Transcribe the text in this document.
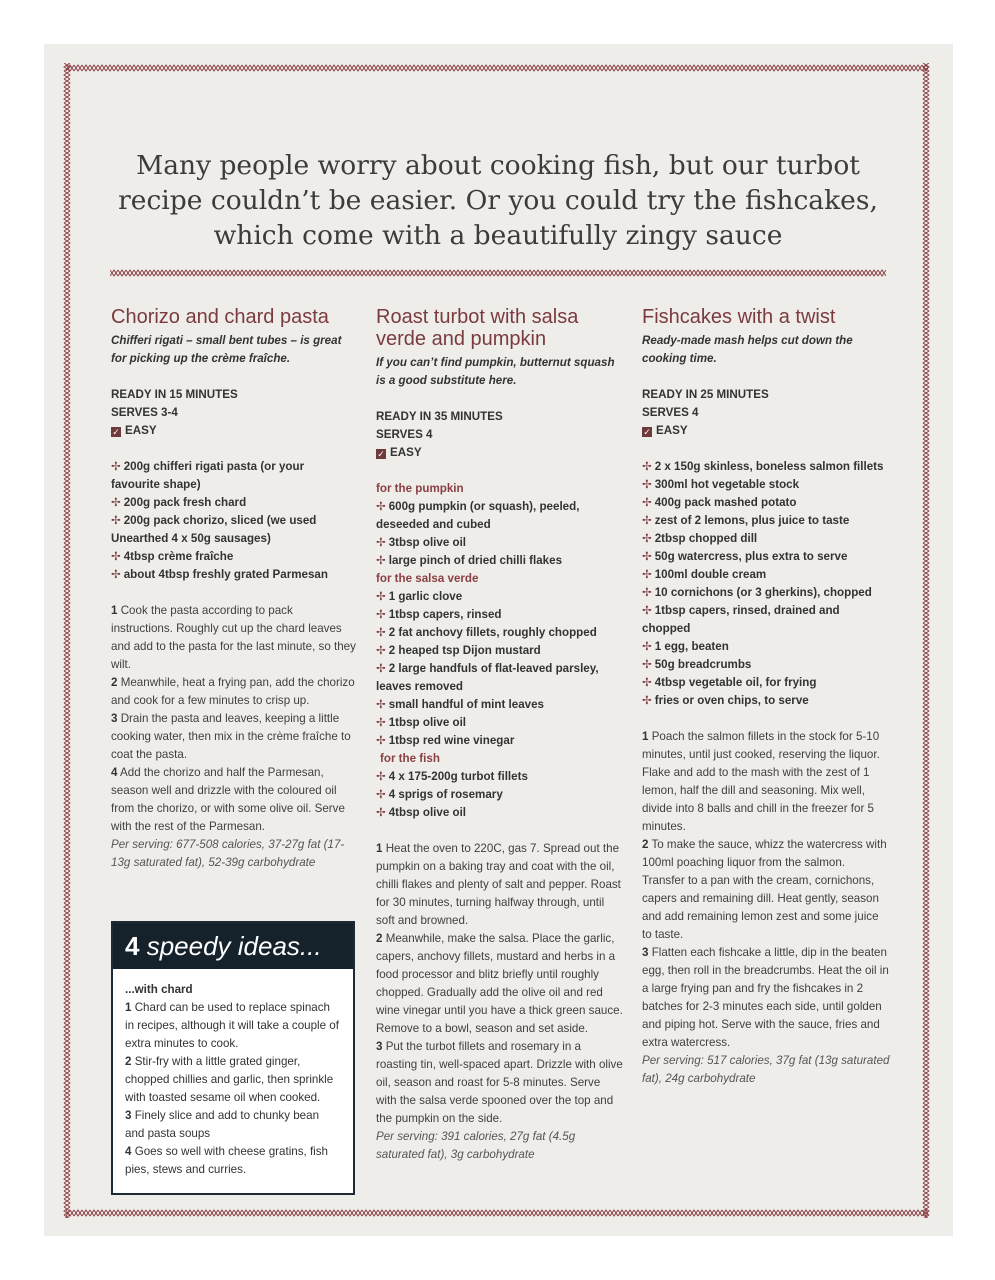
Many people worry about cooking fish, but our turbot recipe couldn’t be easier. Or you could try the fishcakes, which come with a beautifully zingy sauce
Chorizo and chard pasta

Chifferi rigati – small bent tubes – is great for picking up the crème fraîche.

READY IN 15 MINUTES

SERVES 3-4

✓ EASY

✢ 200g chifferi rigati pasta (or your favourite shape)

✢ 200g pack fresh chard

✢ 200g pack chorizo, sliced (we used Unearthed 4 x 50g sausages)

✢ 4tbsp crème fraîche

✢ about 4tbsp freshly grated Parmesan

1 Cook the pasta according to pack instructions. Roughly cut up the chard leaves and add to the pasta for the last minute, so they wilt.

2 Meanwhile, heat a frying pan, add the chorizo and cook for a few minutes to crisp up.

3 Drain the pasta and leaves, keeping a little cooking water, then mix in the crème fraîche to coat the pasta.

4 Add the chorizo and half the Parmesan, season well and drizzle with the coloured oil from the chorizo, or with some olive oil. Serve with the rest of the Parmesan.

Per serving: 677-508 calories, 37-27g fat (17-13g saturated fat), 52-39g carbohydrate

Roast turbot with salsa verde and pumpkin

If you can’t find pumpkin, butternut squash is a good substitute here.

READY IN 35 MINUTES

SERVES 4

✓ EASY

for the pumpkin

✢ 600g pumpkin (or squash), peeled, deseeded and cubed

✢ 3tbsp olive oil

✢ large pinch of dried chilli flakes

for the salsa verde

✢ 1 garlic clove

✢ 1tbsp capers, rinsed

✢ 2 fat anchovy fillets, roughly chopped

✢ 2 heaped tsp Dijon mustard

✢ 2 large handfuls of flat-leaved parsley, leaves removed

✢ small handful of mint leaves

✢ 1tbsp olive oil

✢ 1tbsp red wine vinegar

for the fish

✢ 4 x 175-200g turbot fillets

✢ 4 sprigs of rosemary

✢ 4tbsp olive oil

1 Heat the oven to 220C, gas 7. Spread out the pumpkin on a baking tray and coat with the oil, chilli flakes and plenty of salt and pepper. Roast for 30 minutes, turning halfway through, until soft and browned.

2 Meanwhile, make the salsa. Place the garlic, capers, anchovy fillets, mustard and herbs in a food processor and blitz briefly until roughly chopped. Gradually add the olive oil and red wine vinegar until you have a thick green sauce. Remove to a bowl, season and set aside.

3 Put the turbot fillets and rosemary in a roasting tin, well-spaced apart. Drizzle with olive oil, season and roast for 5-8 minutes. Serve with the salsa verde spooned over the top and the pumpkin on the side.

Per serving: 391 calories, 27g fat (4.5g saturated fat), 3g carbohydrate

Fishcakes with a twist

Ready-made mash helps cut down the cooking time.

READY IN 25 MINUTES

SERVES 4

✓ EASY

✢ 2 x 150g skinless, boneless salmon fillets

✢ 300ml hot vegetable stock

✢ 400g pack mashed potato

✢ zest of 2 lemons, plus juice to taste

✢ 2tbsp chopped dill

✢ 50g watercress, plus extra to serve

✢ 100ml double cream

✢ 10 cornichons (or 3 gherkins), chopped

✢ 1tbsp capers, rinsed, drained and chopped

✢ 1 egg, beaten

✢ 50g breadcrumbs

✢ 4tbsp vegetable oil, for frying

✢ fries or oven chips, to serve

1 Poach the salmon fillets in the stock for 5-10 minutes, until just cooked, reserving the liquor. Flake and add to the mash with the zest of 1 lemon, half the dill and seasoning. Mix well, divide into 8 balls and chill in the freezer for 5 minutes.

2 To make the sauce, whizz the watercress with 100ml poaching liquor from the salmon. Transfer to a pan with the cream, cornichons, capers and remaining dill. Heat gently, season and add remaining lemon zest and some juice to taste.

3 Flatten each fishcake a little, dip in the beaten egg, then roll in the breadcrumbs. Heat the oil in a large frying pan and fry the fishcakes in 2 batches for 2-3 minutes each side, until golden and piping hot. Serve with the sauce, fries and extra watercress.

Per serving: 517 calories, 37g fat (13g saturated fat), 24g carbohydrate

4 speedy ideas...

...with chard

1 Chard can be used to replace spinach in recipes, although it will take a couple of extra minutes to cook.

2 Stir-fry with a little grated ginger, chopped chillies and garlic, then sprinkle with toasted sesame oil when cooked.

3 Finely slice and add to chunky bean and pasta soups

4 Goes so well with cheese gratins, fish pies, stews and curries.
